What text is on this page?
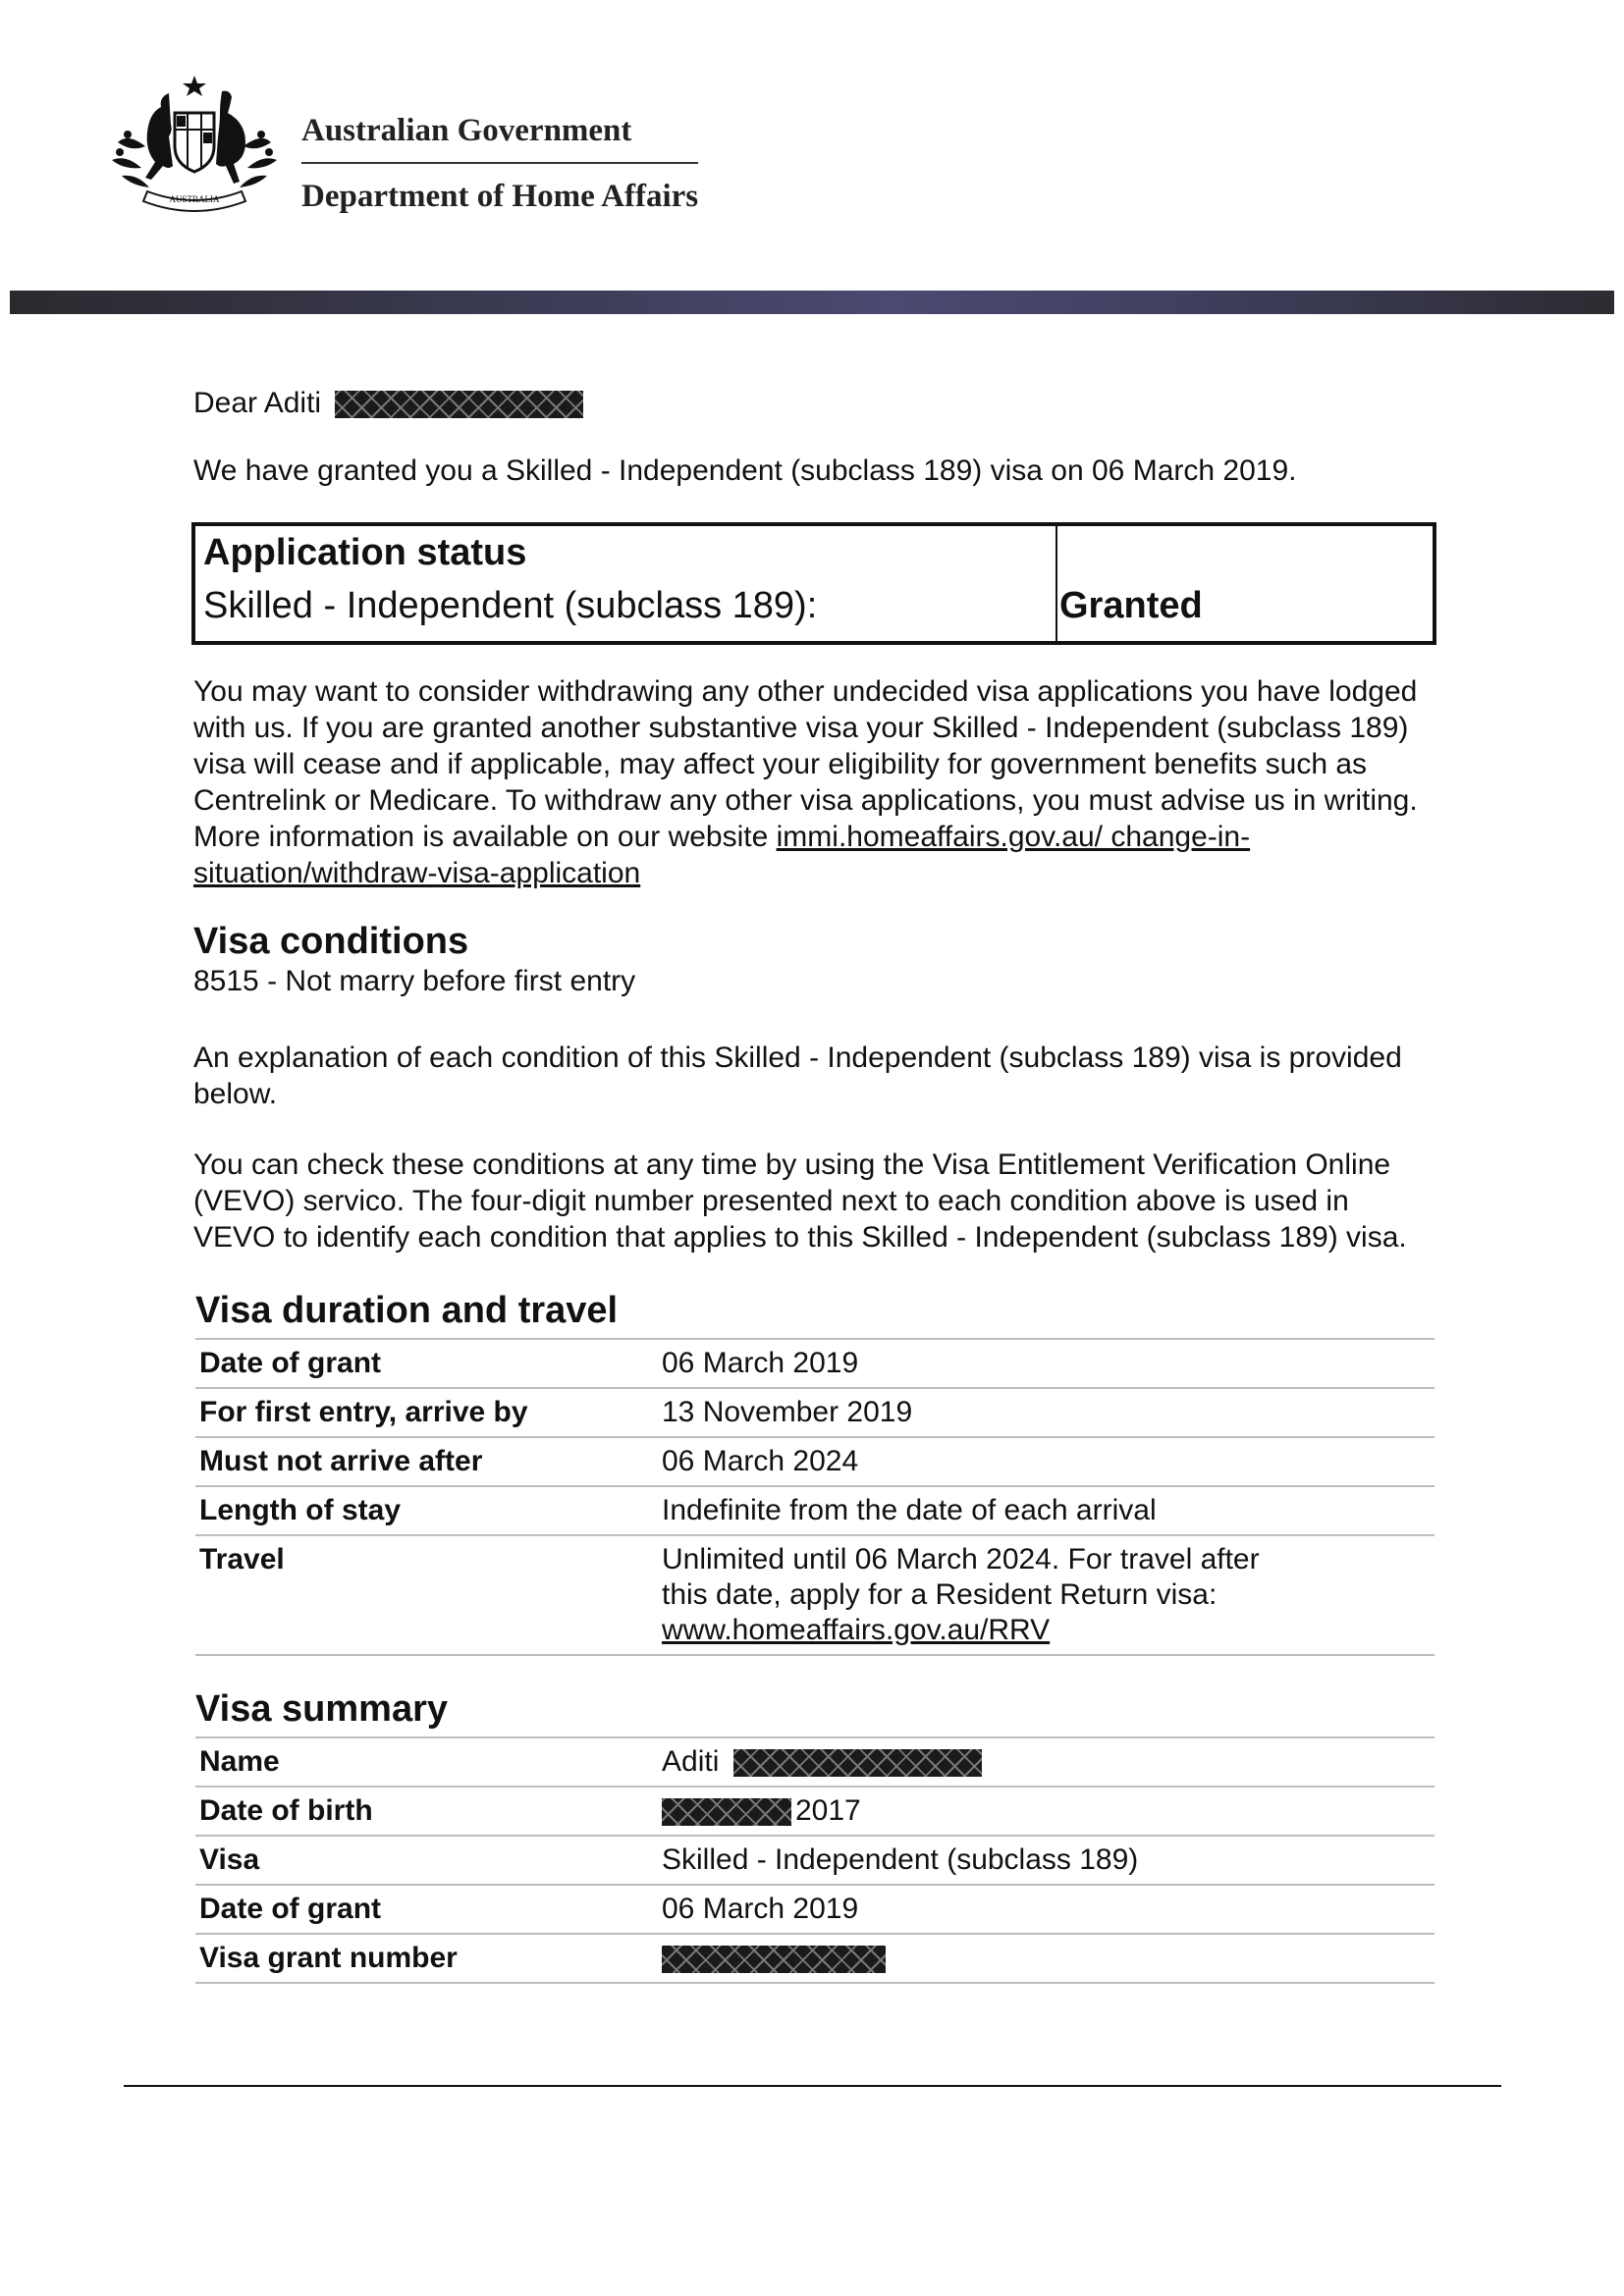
AUSTRALIA
Australian Government
Department of Home Affairs

Dear Aditi

We have granted you a Skilled - Independent (subclass 189) visa on 06 March 2019.

Application status
Skilled - Independent (subclass 189):	Granted

You may want to consider withdrawing any other undecided visa applications you have lodged with us. If you are granted another substantive visa your Skilled - Independent (subclass 189) visa will cease and if applicable, may affect your eligibility for government benefits such as Centrelink or Medicare. To withdraw any other visa applications, you must advise us in writing. More information is available on our website immi.homeaffairs.gov.au/ change-in-situation/withdraw-visa-application

Visa conditions

8515 - Not marry before first entry

An explanation of each condition of this Skilled - Independent (subclass 189) visa is provided below.

You can check these conditions at any time by using the Visa Entitlement Verification Online (VEVO) servico. The four-digit number presented next to each condition above is used in VEVO to identify each condition that applies to this Skilled - Independent (subclass 189) visa.

Visa duration and travel
Date of grant	06 March 2019
For first entry, arrive by	13 November 2019
Must not arrive after	06 March 2024
Length of stay	Indefinite from the date of each arrival
Travel	Unlimited until 06 March 2024. For travel after this date, apply for a Resident Return visa:
www.homeaffairs.gov.au/RRV
Visa summary
Name	Aditi
Date of birth	2017
Visa	Skilled - Independent (subclass 189)
Date of grant	06 March 2019
Visa grant number	
